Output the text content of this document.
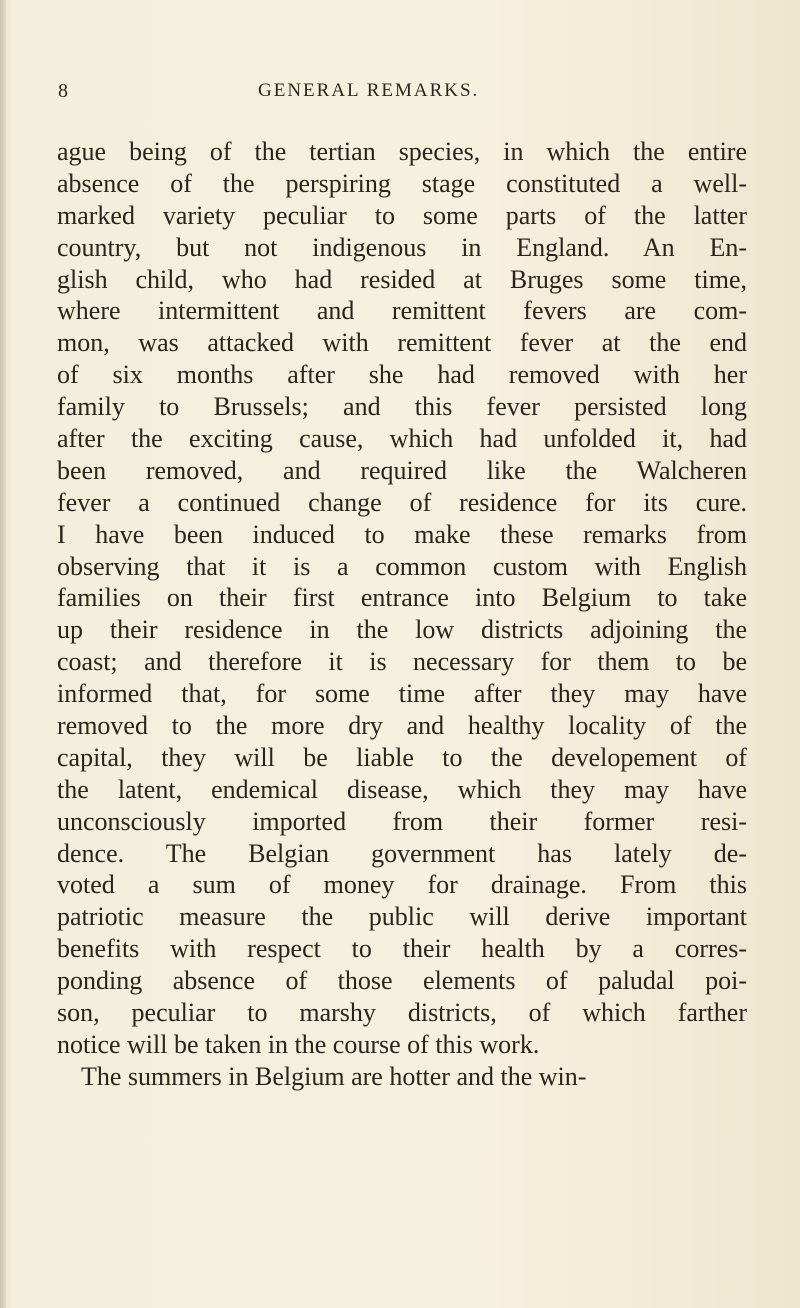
8	GENERAL REMARKS.
ague being of the tertian species, in which the entire
absence of the perspiring stage constituted a well-
marked variety peculiar to some parts of the latter
country, but not indigenous in England. An En-
glish child, who had resided at Bruges some time,
where intermittent and remittent fevers are com-
mon, was attacked with remittent fever at the end
of six months after she had removed with her
family to Brussels; and this fever persisted long
after the exciting cause, which had unfolded it, had
been removed, and required like the Walcheren
fever a continued change of residence for its cure.
I have been induced to make these remarks from
observing that it is a common custom with English
families on their first entrance into Belgium to take
up their residence in the low districts adjoining the
coast; and therefore it is necessary for them to be
informed that, for some time after they may have
removed to the more dry and healthy locality of the
capital, they will be liable to the developement of
the latent, endemical disease, which they may have
unconsciously imported from their former resi-
dence. The Belgian government has lately de-
voted a sum of money for drainage. From this
patriotic measure the public will derive important
benefits with respect to their health by a corres-
ponding absence of those elements of paludal poi-
son, peculiar to marshy districts, of which farther
notice will be taken in the course of this work.
The summers in Belgium are hotter and the win-
